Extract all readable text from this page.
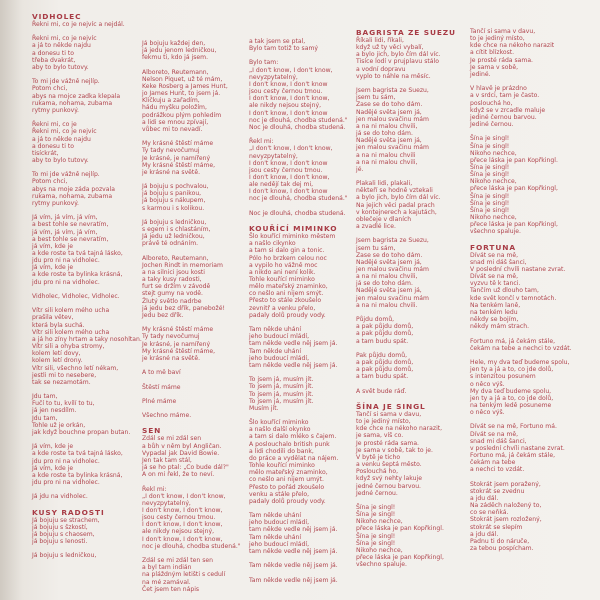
VIDHOLEC
Řekni mi, co je nejvíc a nejdál.

Řekni mi, co je nejvíc
a já to někde najdu
a donesu ti to
třeba dvakrát,
aby to bylo tutovy.

To mi jde vážně nejlíp.
Potom chci,
abys na mojce zadka klepala
rukama, nohama, zubama
rytmy punkový.

Řekni mi, co je
Řekni mi, co je nejvíc
a já to někde najdu
a donesu ti to
tisíckrát,
aby to bylo tutovy.

To mi jde vážně nejlíp.
Potom chci,
abys na moje záda pozvala
rukama, nohama, zubama
rytmy punkový.

Já vím, já vím, já vím,
a best tohle se nevratím,
já vím, já vím, já vím,
a best tohle se nevratím,
já vím, kde je
a kde roste ta tvá tajná lásko,
jdu pro ni na vidholec.
Já vím, kde je
a kde roste ta bylinka krásná,
jdu pro ni na vidholec.

Vidholec, Vidholec, Vidholec.

Vítr sili kolem mého ucha
prašila větev,
která byla suchá.
Vítr sili kolem mého ucha
a já ho zíny hrtam a taky nosohltan.
Vítr sili a ohyba stromy,
kolem letí dovy,
kolem letí drony.
Vítr sili, všechno letí nékam,
jestli mi to nesebere,
tak se nezamotám.

Jdu tam,
Fučí to tu, kvílí to tu,
já jen nesdílm.
Jdu tam,
Tohle už je orkán,
jak když bouchne propan butan.

Já vím, kde je
a kde roste ta tvá tajná lásko,
jdu pro ni na vidholec.
Já vím, kde je
a kde roste ta bylinka krásná,
jdu pro ni na vidholec.

Já jdu na vidholec.

KUSY RADOSTI
Já bojuju se strachem,
já bojuju s šzkostí,
já bojuju s chaosem,
já bojuju s lenosti.

Já bojuju s ledničkou,
Já bojuju každej den,
já jedu jenom ledničkou,
fekmu ti, kdo já jsem.

Alboreto, Reutemann,
Nelson Piquet, už té mám,
Keke Rosberg a James Hunt,
jo James Hunt, to jsem já.
Kličkuju a zařadím,
hádu myšku položím,
podrážkou plým pohledím
a lidi se mnou zpívají,
vůbec mi to nevadí.

My krásné štěstí máme
Ty tady nevočumuj
Je krásné, je namířený
My krásné štěstí máme,
je krásné na světě.

Já bojuju s pochvalou,
já bojuju s panikou,
já bojuju s nákupem,
s karmou i s kolikou.

Já bojuju s ledničkou,
s egem i s chlastáním,
Já jedu už ledničkou,
právě té odnáním.

Alboreto, Reutemann,
Jochen Rindt in memoriam
a na silnici jsou kosti
a taky kusy radosti,
furt se držím v závodě
stejt gumy na vodě.
Žlutý světlo nadrbe
já jedu bez dřík, panebožé!
Jedu bez dřík.

My krásné štěstí máme
Ty tady nevočumuj
Je krásné, je namířený
My krásné štěstí máme,
je krásné na světě.

A to mě baví

Štěstí máme

Plné máme

Všechno máme.

SEN
Zdál se mi zdál sen
a bůh v něm byl Angličan.
Vypadal jak David Bowie.
Jen tak tam stál,
já se ho ptal: „Co bude dál?"
A on mi řekl, že to neví.

Řekl mi:
„I don't know, I don't know,
nevyzpytatelný,
I don't know, I don't know,
jsou cesty černou tmou.
I don't know, I don't know,
ale nikdy nejsou stejný,
I don't know, I don't know,
noc je dlouhá, chodba studená."

Zdál se mi zdál ten sen
a byl tam indián
na pláždným letišti s cedulí
na mé zamával.
Čet jsem ten nápis
a tak jsem se ptal,
Bylo tam totiž to samý

Bylo tam:
„I don't know, I don't know,
nevyzpytatelný,
I don't know, I don't know
jsou cesty černou tmou.
I don't know, I don't know,
ale nikdy nejsou stejný,
I don't know, I don't know
noc je dlouhá, chodba studená."
Noc je dlouhá, chodba studená.

Řekl mi:
„I don't know, I don't know,
nevyzpytatelný,
I don't know, I don't know
jsou cesty černou tmou.
I don't know, I don't know,
ale nedějí tak dej mi,
I don't know, I don't know
noc je dlouhá, chodba studená."

Noc je dlouhá, chodba studená.

KOUŘÍCÍ MIMINKO
Šlo kouřící miminko městem
a našlo cikynko
a tam si dalo gin a tonic.
Pólo ho brzkem celou noc
a vypilo ho vážně moc
a nikdo ani není kolik.
Tohle kouřící miminko
mělo mateřský znaminko,
co nešlo ani nijem smýt.
Přesto to stále zkoušelo
zevnitř a venku přelo,
padaly dolů proudy vody.

Tam někde uhání
jeho budoucí mládí,
tam někde vedle něj jsem já.
Tam někde uhání
jeho budoucí mládí,
tam někde vedle něj jsem já.

To jsem já, musím jít.
To jsem já, musím jít.
To jsem já, musím jít.
To jsem já, musím jít.
Musím jít.

Šlo kouřící miminko
a našlo další okynko
a tam si dalo mléko s čajem.
A poslouchalo british punk
a lidi chodili do bank,
do práce a vydělat na nájem.
Tohle kouřící miminko
mělo mateřský znaminko,
co nešlo ani nijem umýt.
Přesto to pořád zkoušelo
venku a stále přelo,
padaly dolů proudy vody.

Tam někde uhání
jeho budoucí mládí,
tam někde vedle něj jsem já.
Tam někde uhání
jeho budoucí mládí,
tam někde vedle něj jsem já.

Tam někde vedle něj jsem já.

Tam někde vedle něj jsem já.
BAGRISTA ZE SUEZU
Říkali lidi, říkali,
když už ty věci vybalí,
a bylo jich, bylo čím dál víc.
Tisíce lodí v prujplavu stálo
a vodní dopravu
vyplo to náhle na měsíc.

Jsem bagrista ze Suezu,
jsem tu sám,
Zase se do toho dám.
Nadějé světa jsem já,
jen malou svačinu mám
a na ni malou chvili,
já se do toho dám.
Nadějé světa jsem já,
jen malou svačinu mám
a na ni malou chvili
a na ni malou chvili,
jé.

Plakali lidi, plakali,
někteří se hodně vztekali
a bylo jich, bylo čím dál víc.
Na jejich věci padal prach
v kontejnerech a kajutách,
oblečeje v dlaních
a zvadlé lice.

Jsem bagrista ze Suezu,
jsem tu sám,
Zase se do toho dám.
Nadějé světa jsem já,
jen malou svačinu mám
a na ni malou chvili,
já se do toho dám.
Nadějé světa jsem já,
jen malou svačinu mám
a na ni malou chvili.

Půjdu domů,
a pak půjdu domů,
a pak půjdu domů,
a tam budu spát.

Pak půjdu domů,
a pak půjdu domů,
a pak půjdu domů,
a tam budu spát.

A svět bude ráď.

ŠÍNA JE SINGL
Tančí si sama v davu,
to je jediný místo,
kde chce na nékoho narazit,
je sama, víš co.
Je prosté ráda sama.
Je sama v sobě, tak to je.
V bytě je ticho
a venku šeptá město.
Poslouchá ho,
když svý nehty lakuje
jedné černou barvou.
Jedné černou.

Šína je singl!
Šína je singl!
Nikoho nechce,
přece láska je pan Kopřkingl.
Šína je singl!
Šína je singl!
Nikoho nechce,
přece láska je pan Kopřkingl,
všechno spaluje.
Tančí si sama v davu,
to je jediný místo,
kde chce na nékoho narazit
a cítit blízkost.
Je prosté ráda sama.
Je sama v sobě,
jediné.

V hlavě je prázdno
a v srdci, tam je často.
poslouchá ho,
když se v zrcadle maluje
jediné černou barvou.
Jediné černou.

Šína je singl!
Šína je singl!
Nikoho nechce,
přece láska je pan Kopřkingl.
Šína je singl!
Šína je singl!
Nikoho nechce,
přece láska je pan Kopřkingl,
Šína je singl!
Šína je singl!
Šína je singl!
Nikoho nechce,
přece láska je pan Kopřkingl,
všechno spaluje.

FORTUNA
Dívát se na mě,
snad mi dáš šanci,
V poslední chvíli nastane zvrat.
Dívát se na mě,
vyzvu tě k tanci.
Tančím už dlouho tam,
kde svět končí v temnotách.
Na tenkém laně,
na tenkém ledu
někdy se bojím,
někdy mám strach.

Fortuno má, já čekám stále,
čekám na tebe a nechci to vzdát.

Hele, my dva teď budeme spolu,
jen ty a já a to, co jde dolů,
s intenzitou posunem
o něco výš.
My dva teď budeme spolu,
jen ty a já a to, co jde dolů,
na tenkým ledě posuneme
o něco výš.

Dívát se na mě, Fortuno má.
Dívát se na mě,
snad mi dáš šanci,
v poslední chvíli nastane zvrat.
Fortuno má, já čekám stále,
čekám na tebe
a nechci to vzdát.

Stokrát jsem poražený,
stokrát se zvednu
a jdu dál.
Na záděch naložený to,
co se neňká.
Stokrát jsem rozložený,
stokrát se slepím
a jdu dál.
Padnu ti do náruče,
za tebou pospícham.
